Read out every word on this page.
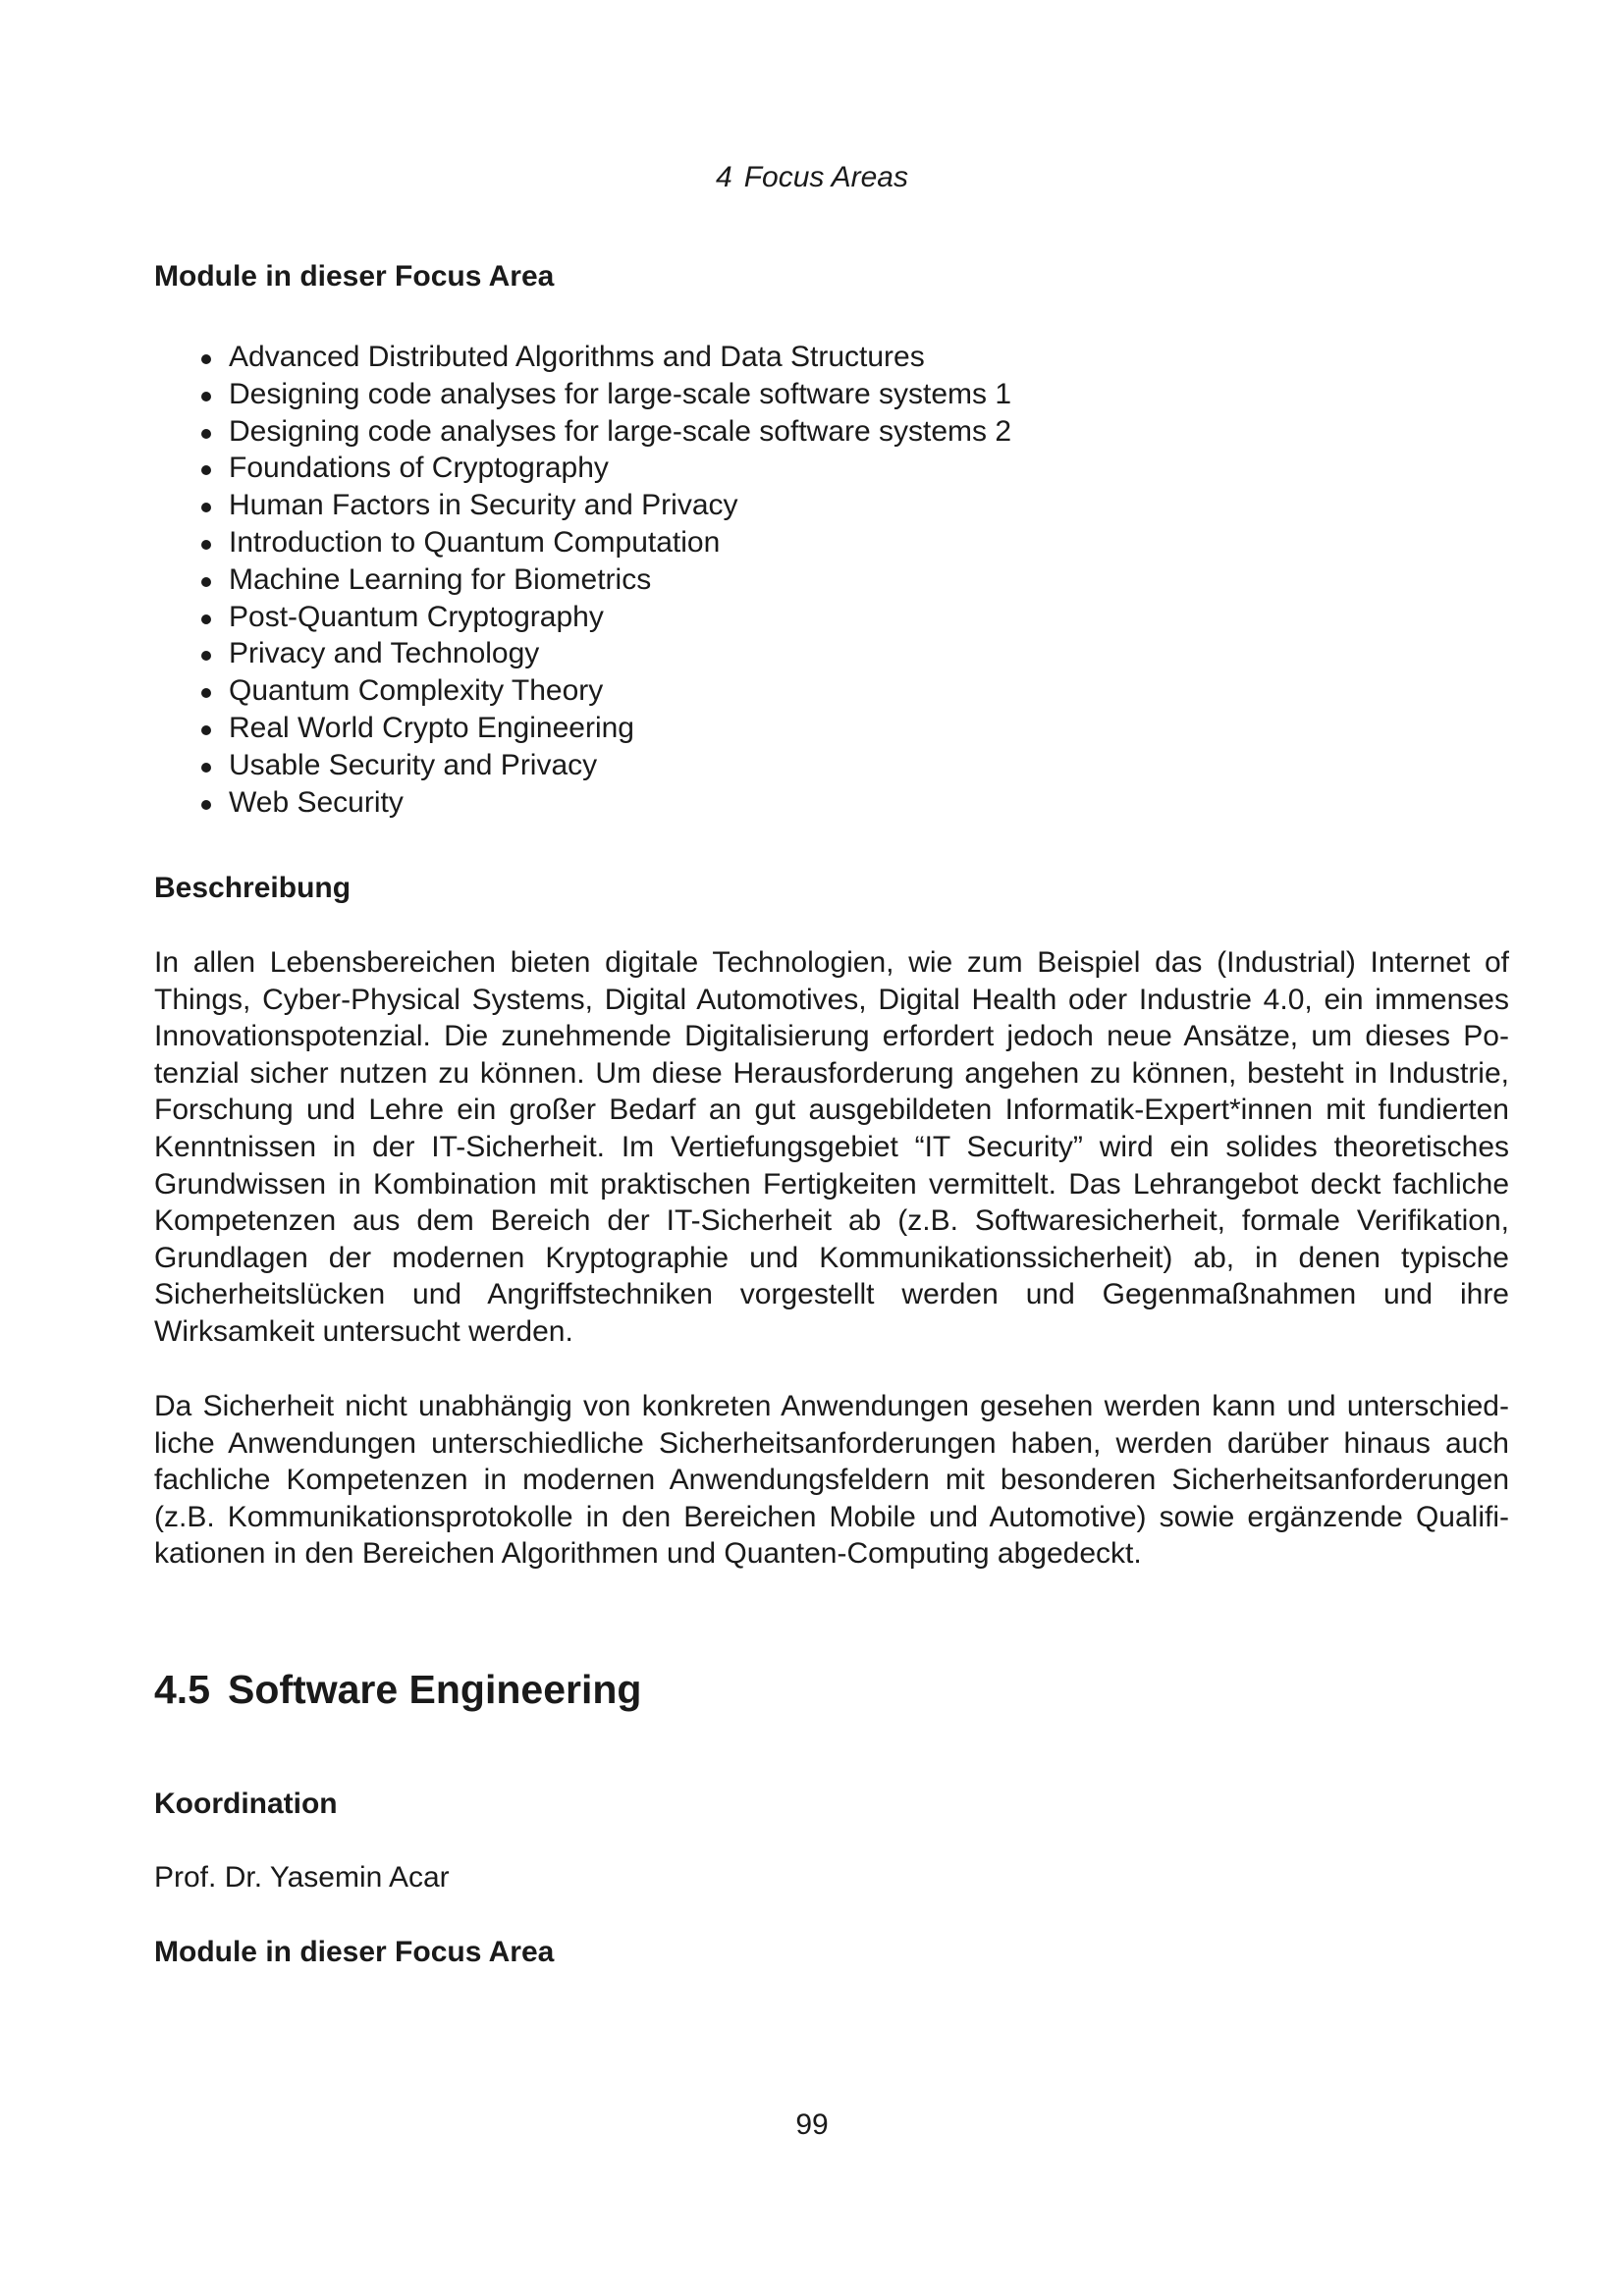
4 Focus Areas

Module in dieser Focus Area

Advanced Distributed Algorithms and Data Structures
Designing code analyses for large-scale software systems 1
Designing code analyses for large-scale software systems 2
Foundations of Cryptography
Human Factors in Security and Privacy
Introduction to Quantum Computation
Machine Learning for Biometrics
Post-Quantum Cryptography
Privacy and Technology
Quantum Complexity Theory
Real World Crypto Engineering
Usable Security and Privacy
Web Security

Beschreibung

In allen Lebensbereichen bieten digitale Technologien, wie zum Beispiel das (Industrial) Internet of Things, Cyber-Physical Systems, Digital Automotives, Digital Health oder Industrie 4.0, ein immenses Innovationspotenzial. Die zunehmende Digitalisierung erfordert jedoch neue Ansätze, um dieses Potenzial sicher nutzen zu können. Um diese Herausforderung angehen zu können, besteht in Industrie, Forschung und Lehre ein großer Bedarf an gut ausgebildeten Informatik-Expert*innen mit fundierten Kenntnissen in der IT-Sicherheit. Im Vertiefungsgebiet “IT Security” wird ein solides theoretisches Grundwissen in Kombination mit praktischen Fertigkeiten vermittelt. Das Lehrangebot deckt fachliche Kompetenzen aus dem Bereich der IT-Sicherheit ab (z.B. Softwaresicherheit, formale Verifikation, Grundlagen der modernen Kryptographie und Kommunikationssicherheit) ab, in denen typische Sicherheitslücken und Angriffstechniken vorgestellt werden und Gegenmaßnahmen und ihre Wirksamkeit untersucht werden.

Da Sicherheit nicht unabhängig von konkreten Anwendungen gesehen werden kann und unterschiedliche Anwendungen unterschiedliche Sicherheitsanforderungen haben, werden darüber hinaus auch fachliche Kompetenzen in modernen Anwendungsfeldern mit besonderen Sicherheitsanforderungen (z.B. Kommunikationsprotokolle in den Bereichen Mobile und Automotive) sowie ergänzende Qualifikationen in den Bereichen Algorithmen und Quanten-Computing abgedeckt.

4.5 Software Engineering

Koordination

Prof. Dr. Yasemin Acar

Module in dieser Focus Area

99
